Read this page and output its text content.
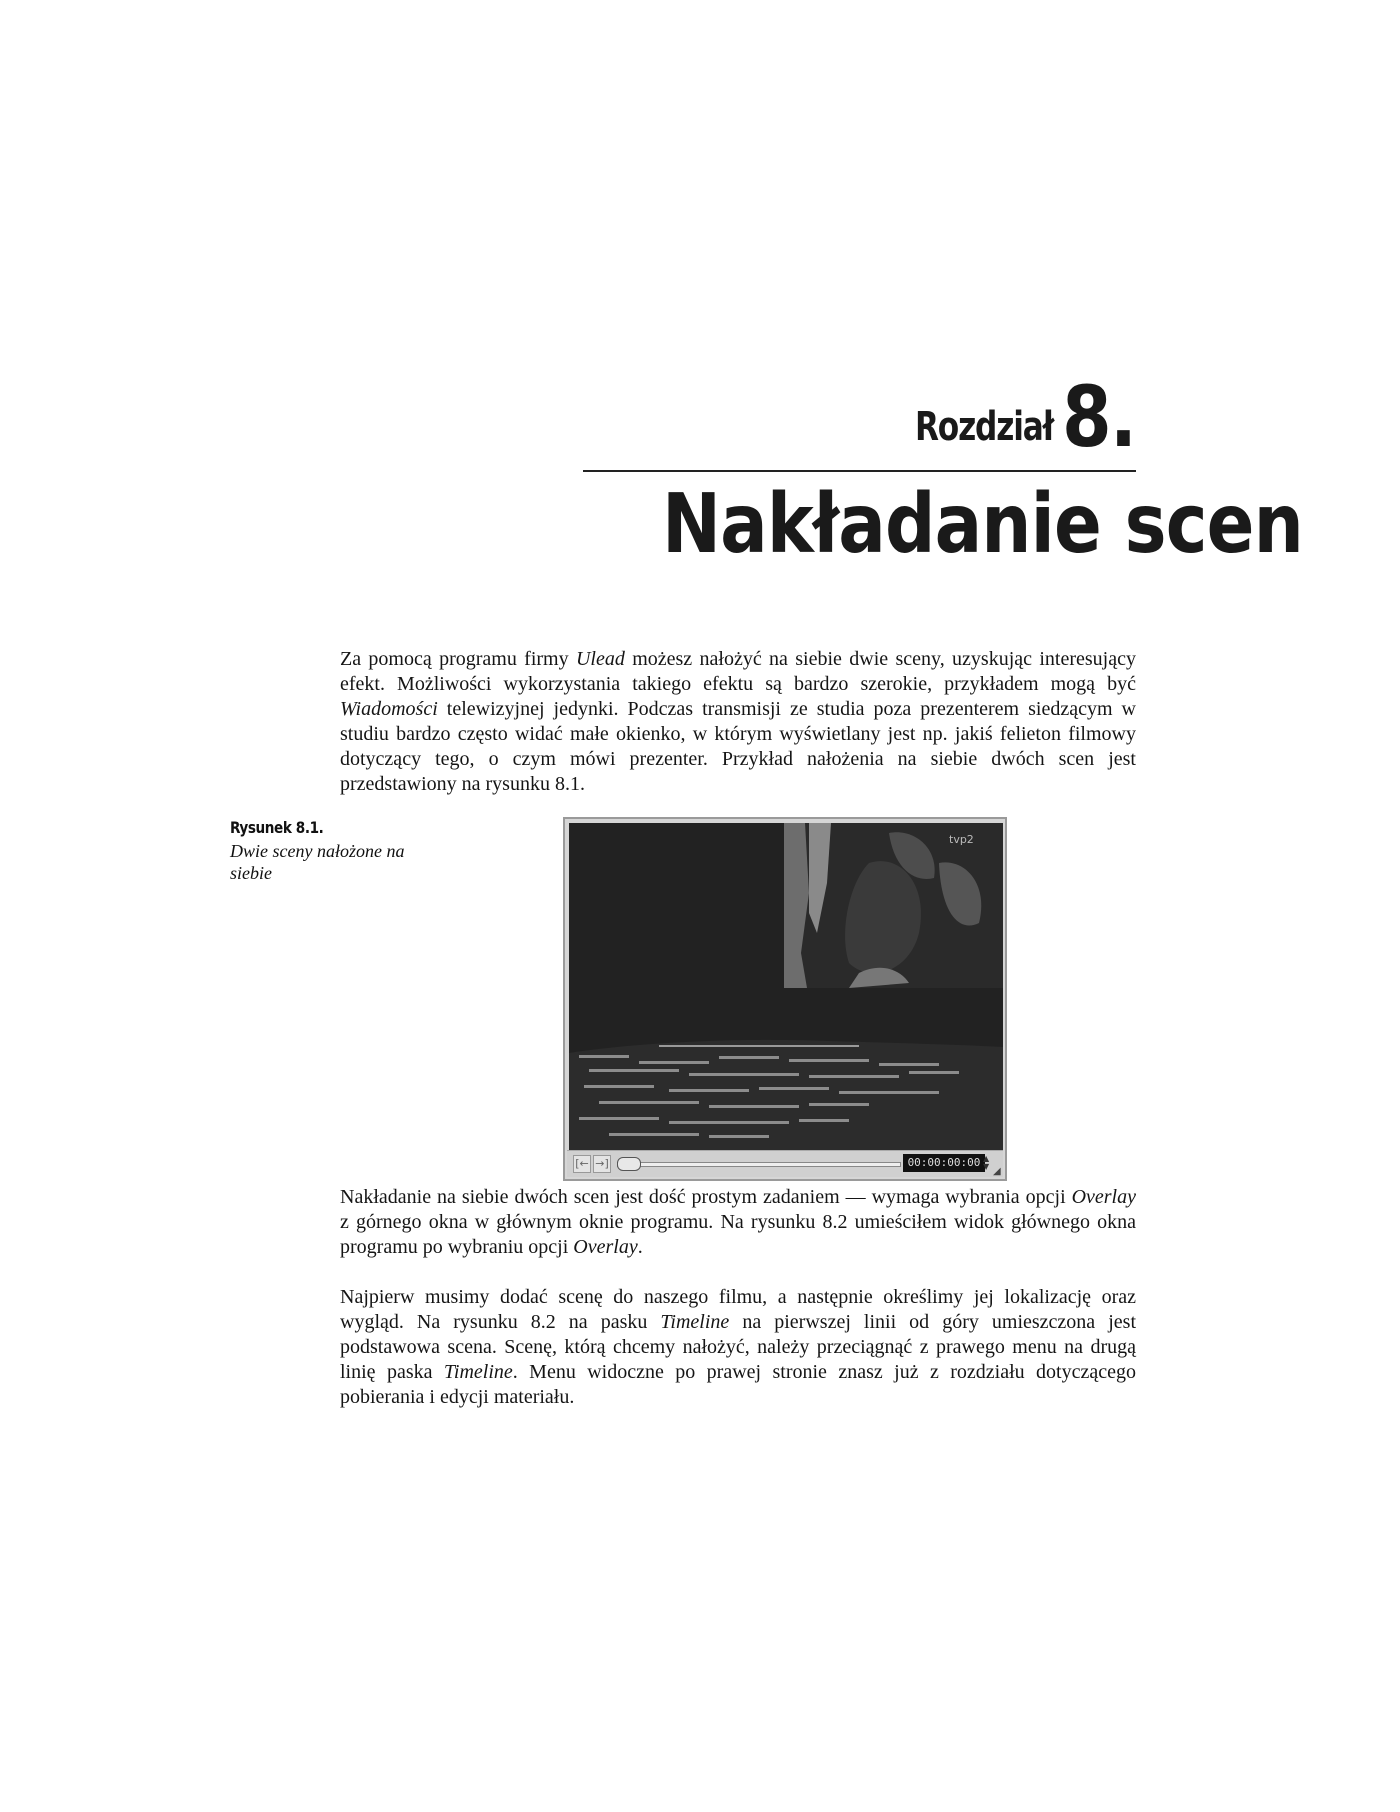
Rozdział 8.
Nakładanie scen

Za pomocą programu firmy Ulead możesz nałożyć na siebie dwie sceny, uzyskując interesujący efekt. Możliwości wykorzystania takiego efektu są bardzo szerokie, przykładem mogą być Wiadomości telewizyjnej jedynki. Podczas transmisji ze studia poza prezenterem siedzącym w studiu bardzo często widać małe okienko, w którym wyświetlany jest np. jakiś felieton filmowy dotyczący tego, o czym mówi prezenter. Przykład nałożenia na siebie dwóch scen jest przedstawiony na rysunku 8.1.

Rysunek 8.1.
Dwie sceny nałożone na siebie
tvp2
[← →]	00:00:00:00 ▲
▼ ◢

Nakładanie na siebie dwóch scen jest dość prostym zadaniem — wymaga wybrania opcji Overlay z górnego okna w głównym oknie programu. Na rysunku 8.2 umieściłem widok głównego okna programu po wybraniu opcji Overlay.

Najpierw musimy dodać scenę do naszego filmu, a następnie określimy jej lokalizację oraz wygląd. Na rysunku 8.2 na pasku Timeline na pierwszej linii od góry umieszczona jest podstawowa scena. Scenę, którą chcemy nałożyć, należy przeciągnąć z prawego menu na drugą linię paska Timeline. Menu widoczne po prawej stronie znasz już z rozdziału dotyczącego pobierania i edycji materiału.
